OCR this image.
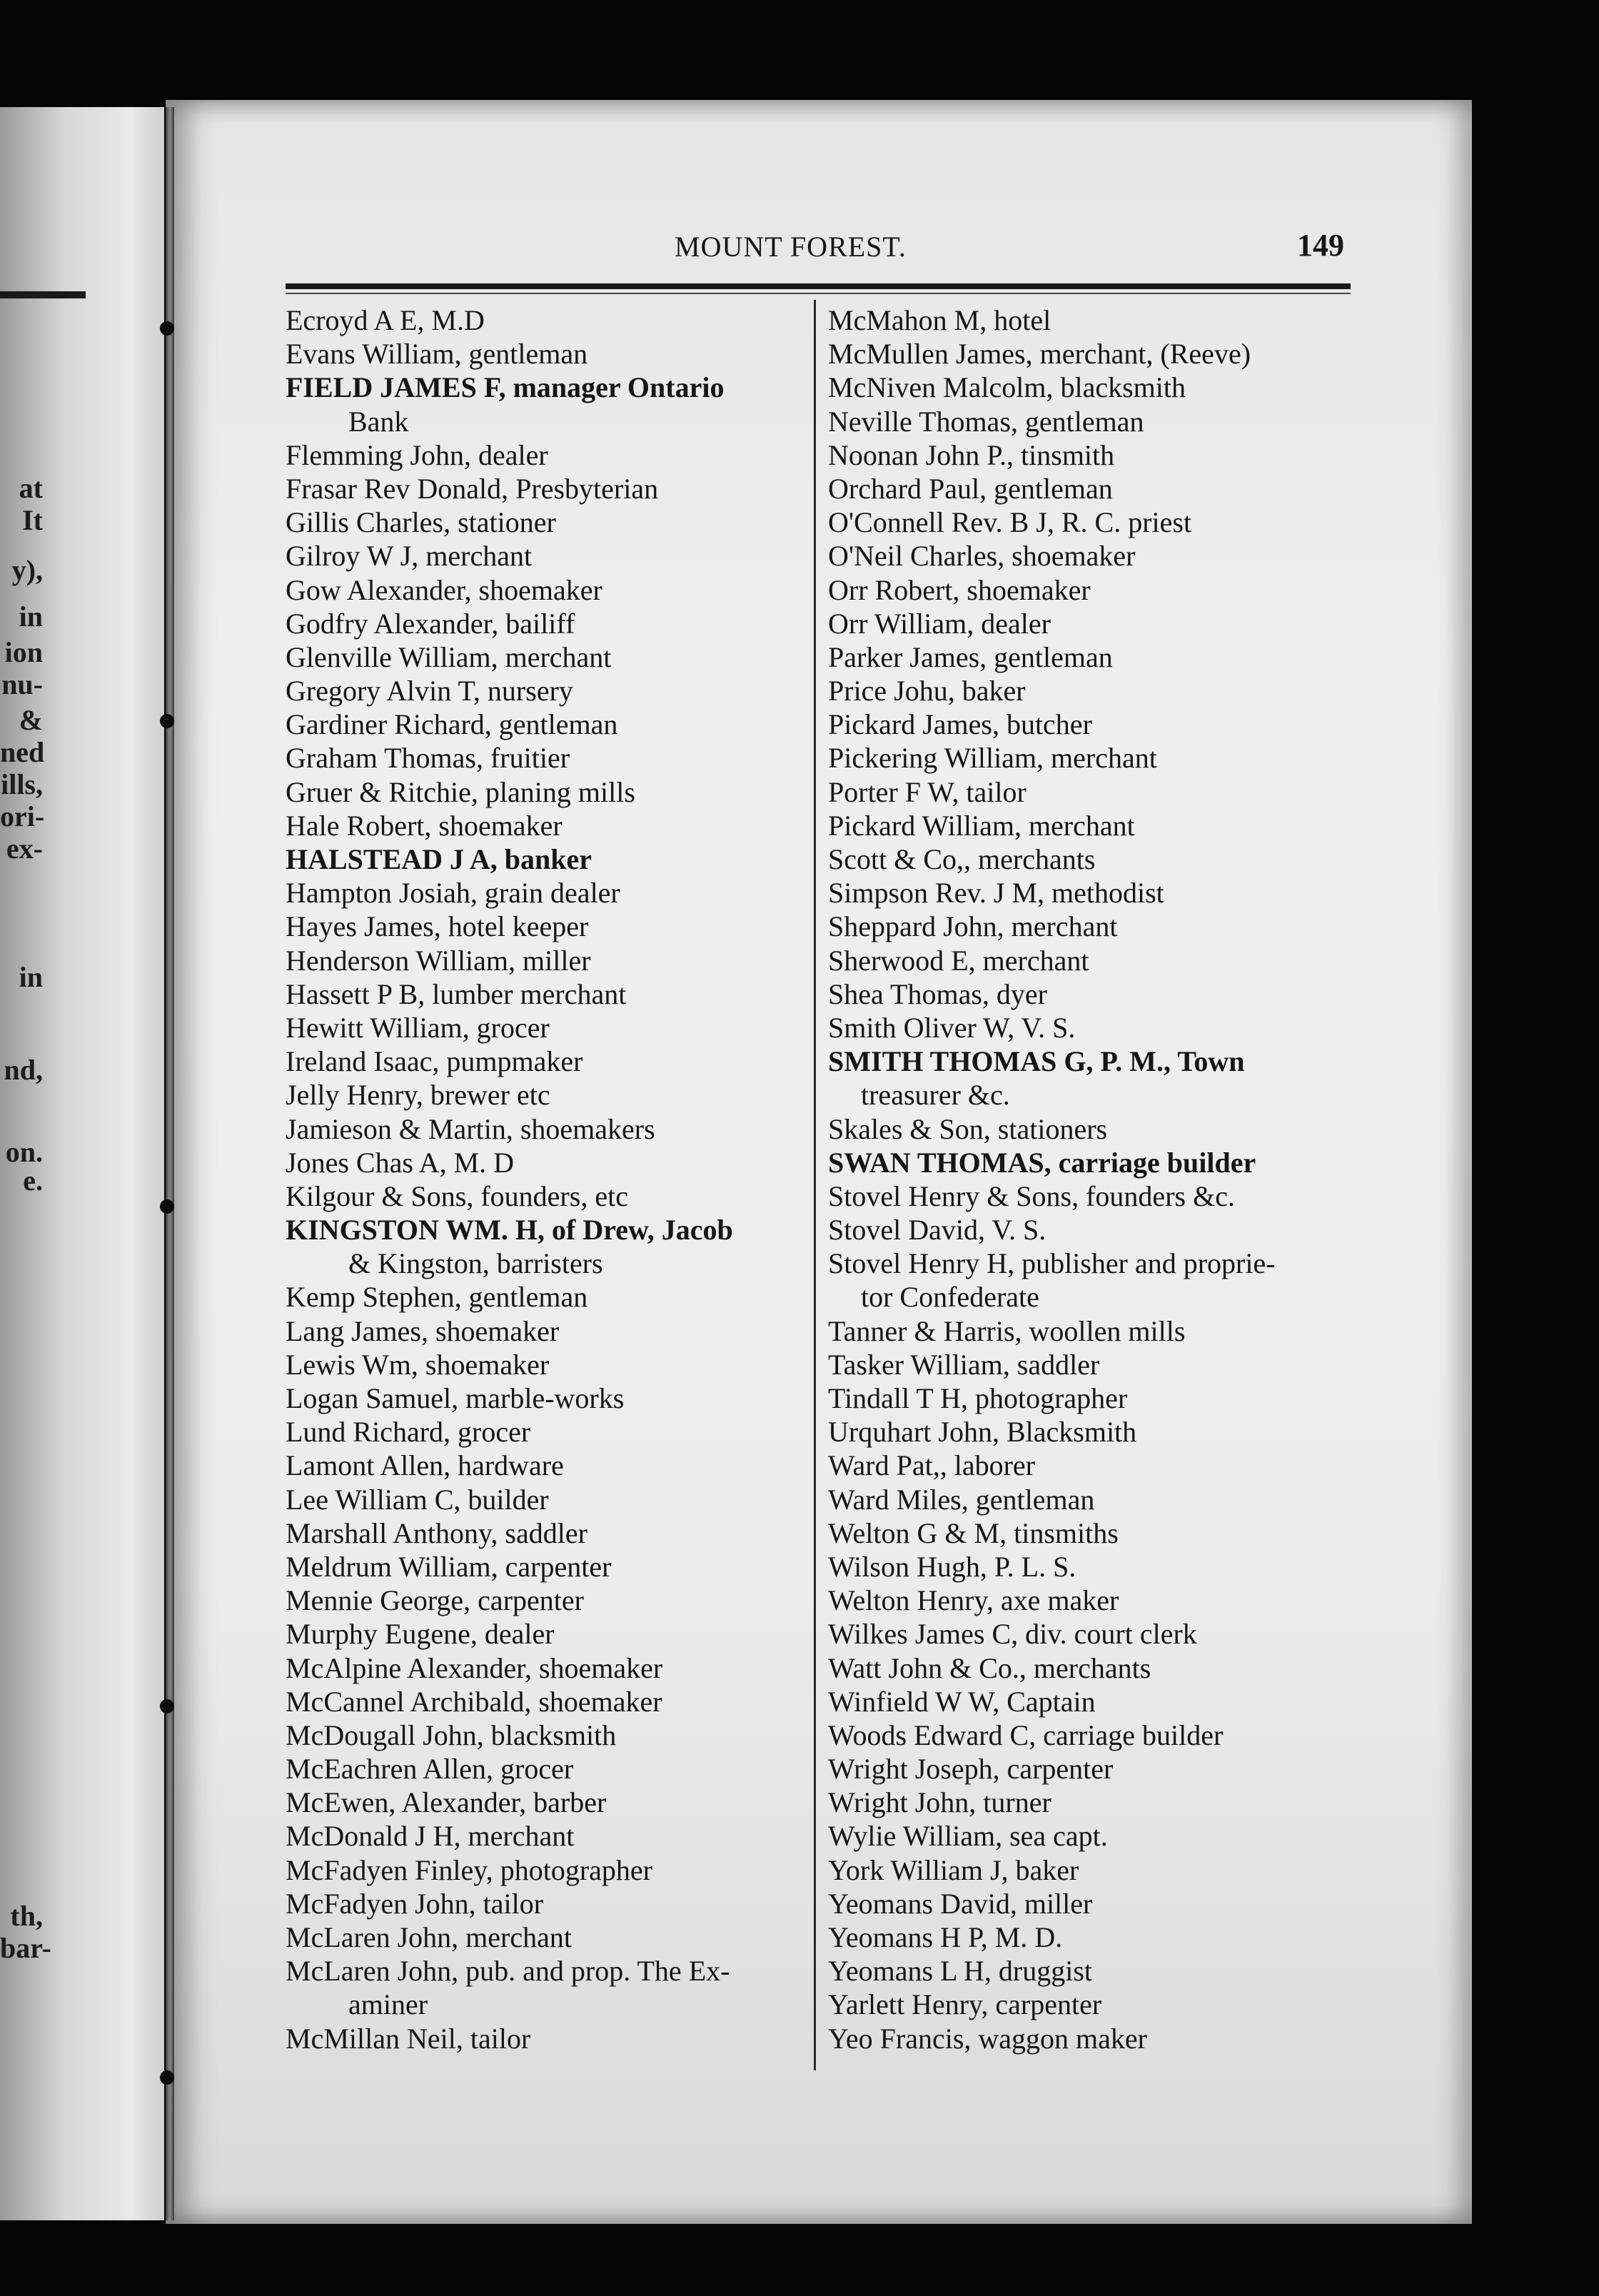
MOUNT FOREST.	149
at
It
y),
in
ion
nu-
&
ned
ills,
ori-
ex-
in
nd,
on.
e.
th,
bar-
Ecroyd A E, M.D
Evans William, gentleman
FIELD JAMES F, manager Ontario
Bank
Flemming John, dealer
Frasar Rev Donald, Presbyterian
Gillis Charles, stationer
Gilroy W J, merchant
Gow Alexander, shoemaker
Godfry Alexander, bailiff
Glenville William, merchant
Gregory Alvin T, nursery
Gardiner Richard, gentleman
Graham Thomas, fruitier
Gruer & Ritchie, planing mills
Hale Robert, shoemaker
HALSTEAD J A, banker
Hampton Josiah, grain dealer
Hayes James, hotel keeper
Henderson William, miller
Hassett P B, lumber merchant
Hewitt William, grocer
Ireland Isaac, pumpmaker
Jelly Henry, brewer etc
Jamieson & Martin, shoemakers
Jones Chas A, M. D
Kilgour & Sons, founders, etc
KINGSTON WM. H, of Drew, Jacob
& Kingston, barristers
Kemp Stephen, gentleman
Lang James, shoemaker
Lewis Wm, shoemaker
Logan Samuel, marble-works
Lund Richard, grocer
Lamont Allen, hardware
Lee William C, builder
Marshall Anthony, saddler
Meldrum William, carpenter
Mennie George, carpenter
Murphy Eugene, dealer
McAlpine Alexander, shoemaker
McCannel Archibald, shoemaker
McDougall John, blacksmith
McEachren Allen, grocer
McEwen, Alexander, barber
McDonald J H, merchant
McFadyen Finley, photographer
McFadyen John, tailor
McLaren John, merchant
McLaren John, pub. and prop. The Ex-
aminer
McMillan Neil, tailor
McMahon M, hotel
McMullen James, merchant, (Reeve)
McNiven Malcolm, blacksmith
Neville Thomas, gentleman
Noonan John P., tinsmith
Orchard Paul, gentleman
O'Connell Rev. B J, R. C. priest
O'Neil Charles, shoemaker
Orr Robert, shoemaker
Orr William, dealer
Parker James, gentleman
Price Johu, baker
Pickard James, butcher
Pickering William, merchant
Porter F W, tailor
Pickard William, merchant
Scott & Co,, merchants
Simpson Rev. J M, methodist
Sheppard John, merchant
Sherwood E, merchant
Shea Thomas, dyer
Smith Oliver W, V. S.
SMITH THOMAS G, P. M., Town
treasurer &c.
Skales & Son, stationers
SWAN THOMAS, carriage builder
Stovel Henry & Sons, founders &c.
Stovel David, V. S.
Stovel Henry H, publisher and proprie-
tor Confederate
Tanner & Harris, woollen mills
Tasker William, saddler
Tindall T H, photographer
Urquhart John, Blacksmith
Ward Pat,, laborer
Ward Miles, gentleman
Welton G & M, tinsmiths
Wilson Hugh, P. L. S.
Welton Henry, axe maker
Wilkes James C, div. court clerk
Watt John & Co., merchants
Winfield W W, Captain
Woods Edward C, carriage builder
Wright Joseph, carpenter
Wright John, turner
Wylie William, sea capt.
York William J, baker
Yeomans David, miller
Yeomans H P, M. D.
Yeomans L H, druggist
Yarlett Henry, carpenter
Yeo Francis, waggon maker
